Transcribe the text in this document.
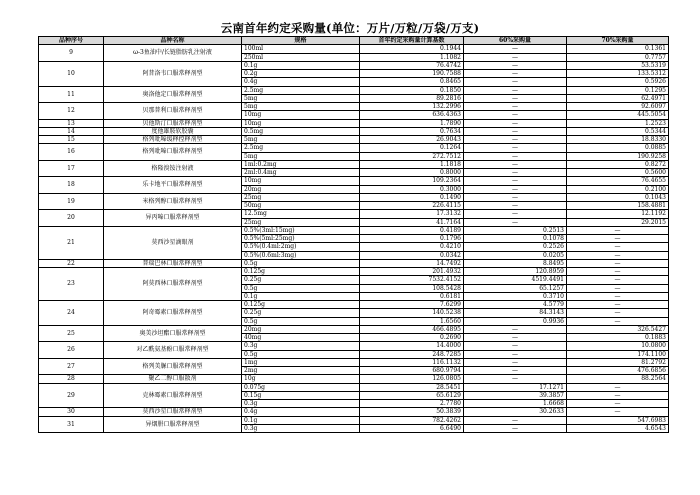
云南首年约定采购量(单位：万片/万粒/万袋/万支)
品种序号	品种名称	规格	首年约定采购量计算基数	60%采购量	70%采购量
9	ω-3鱼油中/长链脂肪乳注射液	100ml	0.1944	—	0.1361
		250ml	1.1082	—	0.7757
10	阿昔洛韦口服常释剂型	0.1g	76.4742	—	53.5319
		0.2g	190.7588	—	133.5312
		0.4g	0.8465	—	0.5926
11	奥洛他定口服常释剂型	2.5mg	0.1850	—	0.1295
		5mg	89.2816	—	62.4971
12	贝那普利口服常释剂型	5mg	132.2996	—	92.6097
		10mg	636.4363	—	445.5054
13	贝他斯汀口服常释剂型	10mg	1.7890	—	1.2523
14	度他雄胺软胶囊	0.5mg	0.7634	—	0.5344
15	格列吡嗪缓释控释剂型	5mg	26.9043	—	18.8330
16	格列吡嗪口服常释剂型	2.5mg	0.1264	—	0.0885
		5mg	272.7512	—	190.9258
17	格隆溴铵注射液	1ml:0.2mg	1.1818	—	0.8272
		2ml:0.4mg	0.8000	—	0.5600
18	乐卡地平口服常释剂型	10mg	109.2364	—	76.4655
		20mg	0.3000	—	0.2100
19	米格列醇口服常释剂型	25mg	0.1490	—	0.1043
		50mg	226.4115	—	158.4881
20	异丙嗪口服常释剂型	12.5mg	17.3132	—	12.1192
		25mg	41.7164	—	29.2015
21	莫西沙星滴眼剂	0.5%(3ml:15mg)	0.4189	0.2513	—
		0.5%(5ml:25mg)	0.1796	0.1078	—
		0.5%(0.4ml:2mg)	0.4210	0.2526	—
		0.5%(0.6ml:3mg)	0.0342	0.0205	—
22	普瑞巴林口服常释剂型	0.5g	14.7492	8.8495	—
23	阿莫西林口服常释剂型	0.125g	201.4932	120.8959	—
		0.25g	7532.4152	4519.4491	—
		0.5g	108.5428	65.1257	—
		0.1g	0.6181	0.3710	—
24	阿奇霉素口服常释剂型	0.125g	7.6299	4.5779	—
		0.25g	140.5238	84.3143	—
		0.5g	1.6560	0.9936	—
25	奥美沙坦酯口服常释剂型	20mg	466.4895	—	326.5427
		40mg	0.2690	—	0.1883
26	对乙酰氨基酚口服常释剂型	0.3g	14.4000	—	10.0800
		0.5g	248.7285	—	174.1100
27	格列美脲口服常释剂型	1mg	116.1132	—	81.2792
		2mg	680.9794	—	476.6856
28	聚乙二醇口服散剂	10g	126.0805	—	88.2564
29	克林霉素口服常释剂型	0.075g	28.5451	17.1271	—
		0.15g	65.6129	39.3857	—
		0.3g	2.7780	1.6668	—
30	莫西沙星口服常释剂型	0.4g	50.3839	30.2633	—
31	异烟肼口服常释剂型	0.1g	782.4262	—	547.6983
		0.3g	6.6490	—	4.6543
